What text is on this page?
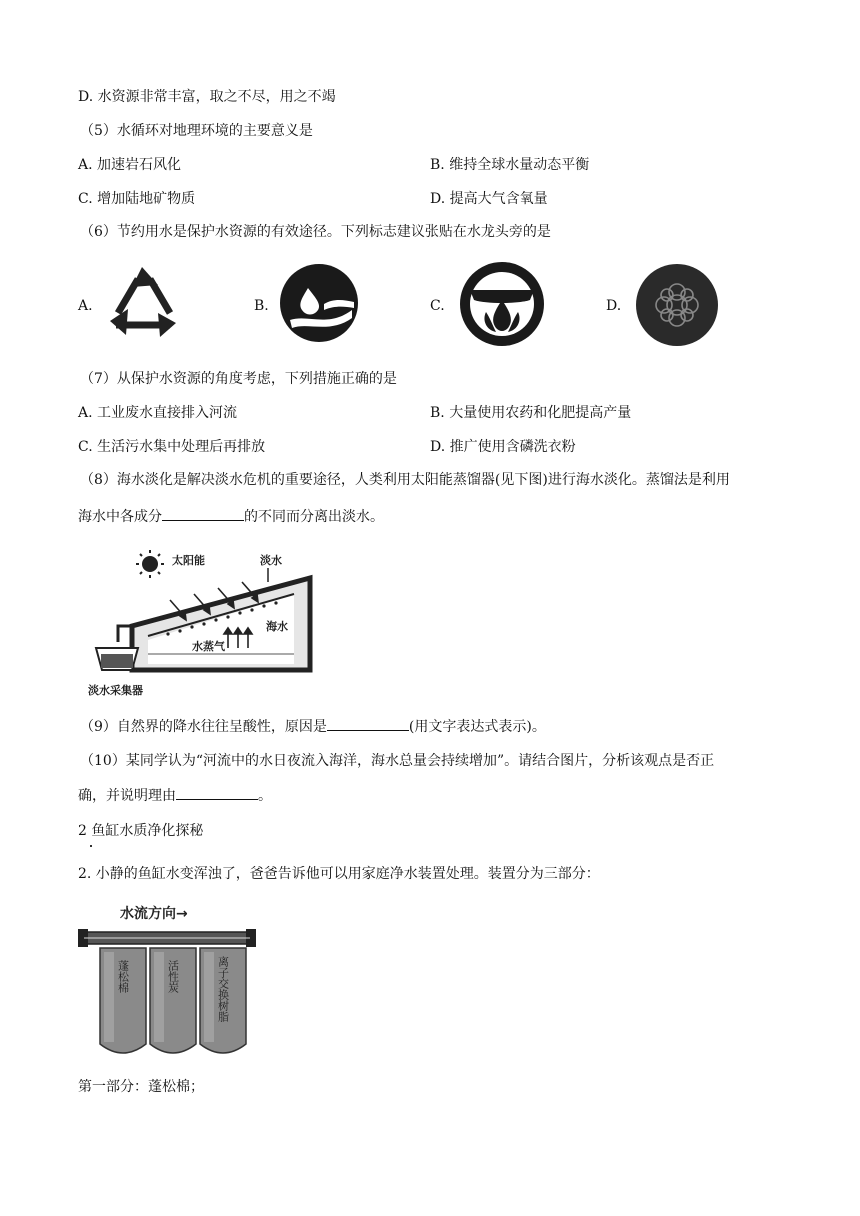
D. 水资源非常丰富，取之不尽，用之不竭
（5）水循环对地理环境的主要意义是
A. 加速岩石风化	B. 维持全球水量动态平衡
C. 增加陆地矿物质	D. 提高大气含氧量
（6）节约用水是保护水资源的有效途径。下列标志建议张贴在水龙头旁的是
A.	B.	C.	D.
（7）从保护水资源的角度考虑，下列措施正确的是
A. 工业废水直接排入河流	B. 大量使用农药和化肥提高产量
C. 生活污水集中处理后再排放	D. 推广使用含磷洗衣粉
（8）海水淡化是解决淡水危机的重要途径，人类利用太阳能蒸馏器(见下图)进行海水淡化。蒸馏法是利用
海水中各成分	的不同而分离出淡水。
太阳能	淡水
水蒸气
海水
淡水采集器
（9）自然界的降水往往呈酸性，原因是	(用文字表达式表示)。
（10）某同学认为“河流中的水日夜流入海洋，海水总量会持续增加”。请结合图片，分析该观点是否正
确，并说明理由	。
2 鱼缸水质净化探秘
2. 小静的鱼缸水变浑浊了，爸爸告诉他可以用家庭净水装置处理。装置分为三部分：
水流方向→
蓬松棉	活性炭	离子交换树脂
第一部分：蓬松棉；
